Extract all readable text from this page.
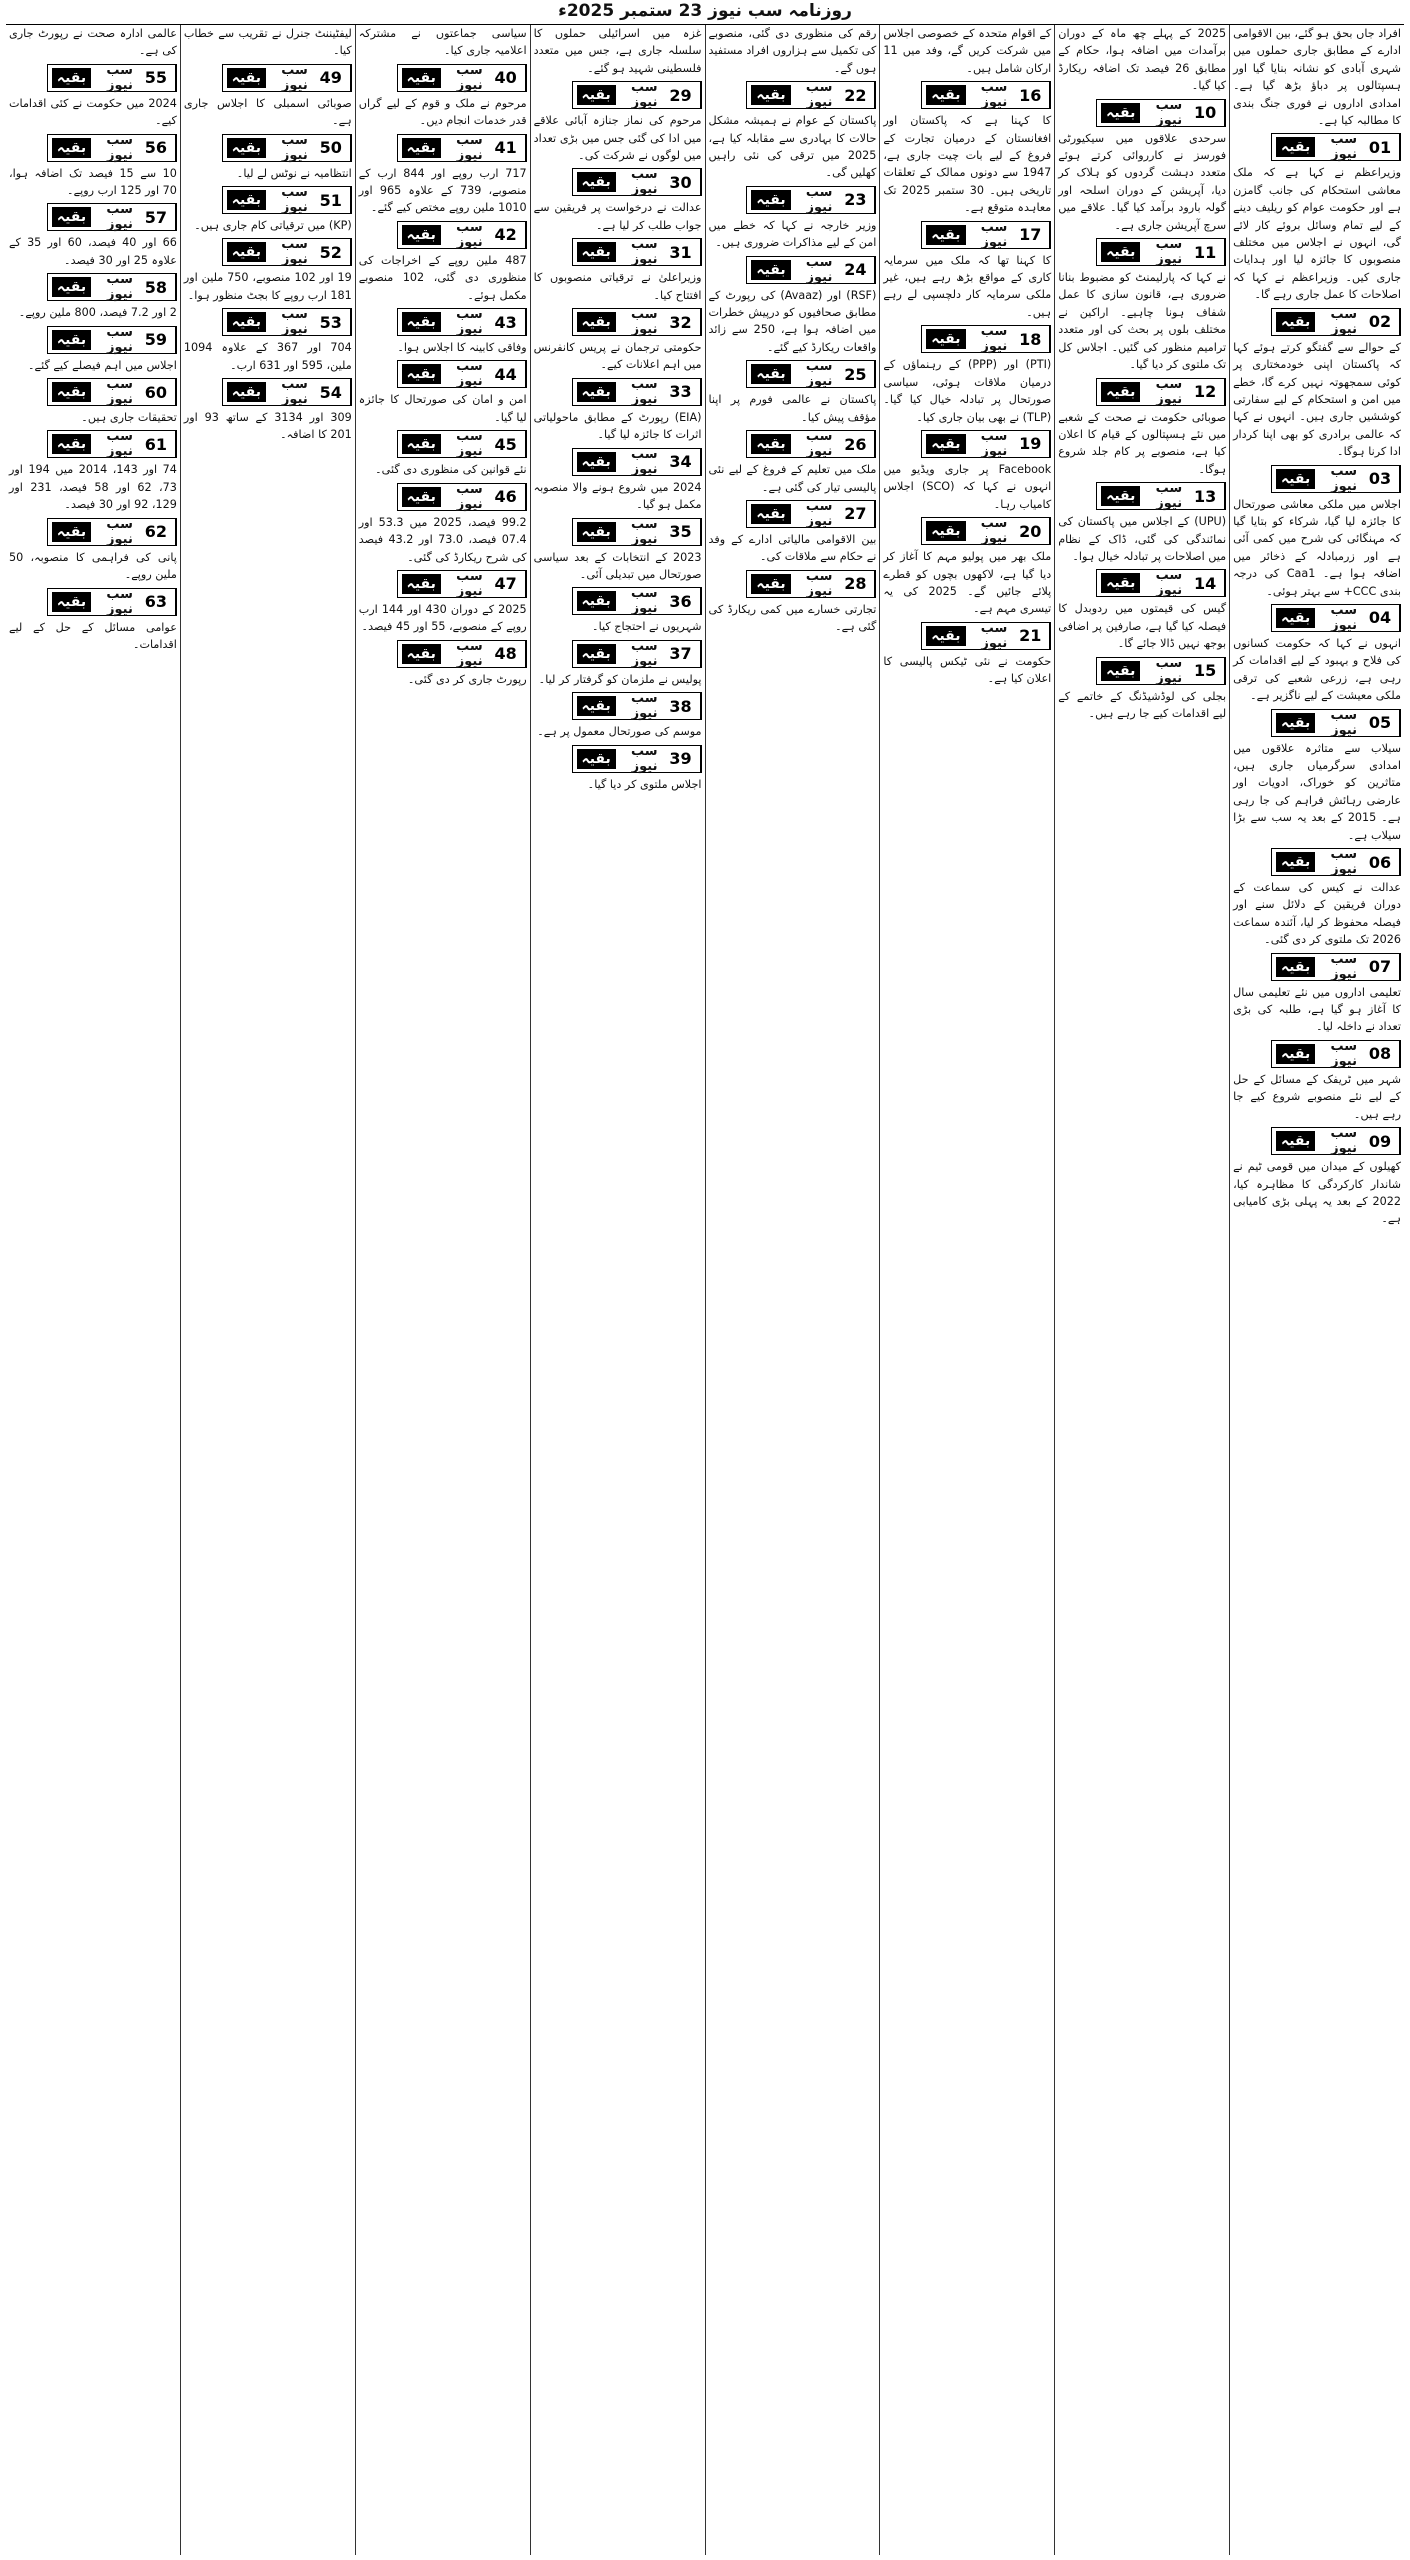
روزنامہ سب نیوز 23 ستمبر 2025ء

افراد جاں بحق ہو گئے، بین الاقوامی ادارے کے مطابق جاری حملوں میں شہری آبادی کو نشانہ بنایا گیا اور ہسپتالوں پر دباؤ بڑھ گیا ہے۔ امدادی اداروں نے فوری جنگ بندی کا مطالبہ کیا ہے۔

01
بقیہ	سب نیوز

وزیراعظم نے کہا ہے کہ ملک معاشی استحکام کی جانب گامزن ہے اور حکومت عوام کو ریلیف دینے کے لیے تمام وسائل بروئے کار لائے گی، انہوں نے اجلاس میں مختلف منصوبوں کا جائزہ لیا اور ہدایات جاری کیں۔ وزیراعظم نے کہا کہ اصلاحات کا عمل جاری رہے گا۔

02
بقیہ	سب نیوز

کے حوالے سے گفتگو کرتے ہوئے کہا کہ پاکستان اپنی خودمختاری پر کوئی سمجھوتہ نہیں کرے گا، خطے میں امن و استحکام کے لیے سفارتی کوششیں جاری ہیں۔ انہوں نے کہا کہ عالمی برادری کو بھی اپنا کردار ادا کرنا ہوگا۔

03
بقیہ	سب نیوز

اجلاس میں ملکی معاشی صورتحال کا جائزہ لیا گیا، شرکاء کو بتایا گیا کہ مہنگائی کی شرح میں کمی آئی ہے اور زرمبادلہ کے ذخائر میں اضافہ ہوا ہے۔ Caa1 کی درجہ بندی CCC+ سے بہتر ہوئی۔

04
بقیہ	سب نیوز

انہوں نے کہا کہ حکومت کسانوں کی فلاح و بہبود کے لیے اقدامات کر رہی ہے، زرعی شعبے کی ترقی ملکی معیشت کے لیے ناگزیر ہے۔

05
بقیہ	سب نیوز

سیلاب سے متاثرہ علاقوں میں امدادی سرگرمیاں جاری ہیں، متاثرین کو خوراک، ادویات اور عارضی رہائش فراہم کی جا رہی ہے۔ 2015 کے بعد یہ سب سے بڑا سیلاب ہے۔

06
بقیہ	سب نیوز

عدالت نے کیس کی سماعت کے دوران فریقین کے دلائل سنے اور فیصلہ محفوظ کر لیا، آئندہ سماعت 2026 تک ملتوی کر دی گئی۔

07
بقیہ	سب نیوز

تعلیمی اداروں میں نئے تعلیمی سال کا آغاز ہو گیا ہے، طلبہ کی بڑی تعداد نے داخلہ لیا۔

08
بقیہ	سب نیوز

شہر میں ٹریفک کے مسائل کے حل کے لیے نئے منصوبے شروع کیے جا رہے ہیں۔

09
بقیہ	سب نیوز

کھیلوں کے میدان میں قومی ٹیم نے شاندار کارکردگی کا مظاہرہ کیا، 2022 کے بعد یہ پہلی بڑی کامیابی ہے۔

2025 کے پہلے چھ ماہ کے دوران برآمدات میں اضافہ ہوا، حکام کے مطابق 26 فیصد تک اضافہ ریکارڈ کیا گیا۔

10
بقیہ	سب نیوز

سرحدی علاقوں میں سیکیورٹی فورسز نے کارروائی کرتے ہوئے متعدد دہشت گردوں کو ہلاک کر دیا، آپریشن کے دوران اسلحہ اور گولہ بارود برآمد کیا گیا۔ علاقے میں سرچ آپریشن جاری ہے۔

11
بقیہ	سب نیوز

نے کہا کہ پارلیمنٹ کو مضبوط بنانا ضروری ہے، قانون سازی کا عمل شفاف ہونا چاہیے۔ اراکین نے مختلف بلوں پر بحث کی اور متعدد ترامیم منظور کی گئیں۔ اجلاس کل تک ملتوی کر دیا گیا۔

12
بقیہ	سب نیوز

صوبائی حکومت نے صحت کے شعبے میں نئے ہسپتالوں کے قیام کا اعلان کیا ہے، منصوبے پر کام جلد شروع ہوگا۔

13
بقیہ	سب نیوز

(UPU) کے اجلاس میں پاکستان کی نمائندگی کی گئی، ڈاک کے نظام میں اصلاحات پر تبادلہ خیال ہوا۔

14
بقیہ	سب نیوز

گیس کی قیمتوں میں ردوبدل کا فیصلہ کیا گیا ہے، صارفین پر اضافی بوجھ نہیں ڈالا جائے گا۔

15
بقیہ	سب نیوز

بجلی کی لوڈشیڈنگ کے خاتمے کے لیے اقدامات کیے جا رہے ہیں۔

کے اقوام متحدہ کے خصوصی اجلاس میں شرکت کریں گے، وفد میں 11 ارکان شامل ہیں۔

16
بقیہ	سب نیوز

کا کہنا ہے کہ پاکستان اور افغانستان کے درمیان تجارت کے فروغ کے لیے بات چیت جاری ہے، 1947 سے دونوں ممالک کے تعلقات تاریخی ہیں۔ 30 ستمبر 2025 تک معاہدہ متوقع ہے۔

17
بقیہ	سب نیوز

کا کہنا تھا کہ ملک میں سرمایہ کاری کے مواقع بڑھ رہے ہیں، غیر ملکی سرمایہ کار دلچسپی لے رہے ہیں۔

18
بقیہ	سب نیوز

(PTI) اور (PPP) کے رہنماؤں کے درمیان ملاقات ہوئی، سیاسی صورتحال پر تبادلہ خیال کیا گیا۔ (TLP) نے بھی بیان جاری کیا۔

19
بقیہ	سب نیوز

Facebook پر جاری ویڈیو میں انہوں نے کہا کہ (SCO) اجلاس کامیاب رہا۔

20
بقیہ	سب نیوز

ملک بھر میں پولیو مہم کا آغاز کر دیا گیا ہے، لاکھوں بچوں کو قطرے پلائے جائیں گے۔ 2025 کی یہ تیسری مہم ہے۔

21
بقیہ	سب نیوز

حکومت نے نئی ٹیکس پالیسی کا اعلان کیا ہے۔

رقم کی منظوری دی گئی، منصوبے کی تکمیل سے ہزاروں افراد مستفید ہوں گے۔

22
بقیہ	سب نیوز

پاکستان کے عوام نے ہمیشہ مشکل حالات کا بہادری سے مقابلہ کیا ہے، 2025 میں ترقی کی نئی راہیں کھلیں گی۔

23
بقیہ	سب نیوز

وزیر خارجہ نے کہا کہ خطے میں امن کے لیے مذاکرات ضروری ہیں۔

24
بقیہ	سب نیوز

(RSF) اور (Avaaz) کی رپورٹ کے مطابق صحافیوں کو درپیش خطرات میں اضافہ ہوا ہے، 250 سے زائد واقعات ریکارڈ کیے گئے۔

25
بقیہ	سب نیوز

پاکستان نے عالمی فورم پر اپنا مؤقف پیش کیا۔

26
بقیہ	سب نیوز

ملک میں تعلیم کے فروغ کے لیے نئی پالیسی تیار کی گئی ہے۔

27
بقیہ	سب نیوز

بین الاقوامی مالیاتی ادارے کے وفد نے حکام سے ملاقات کی۔

28
بقیہ	سب نیوز

تجارتی خسارے میں کمی ریکارڈ کی گئی ہے۔

غزہ میں اسرائیلی حملوں کا سلسلہ جاری ہے، جس میں متعدد فلسطینی شہید ہو گئے۔

29
بقیہ	سب نیوز

مرحوم کی نماز جنازہ آبائی علاقے میں ادا کی گئی جس میں بڑی تعداد میں لوگوں نے شرکت کی۔

30
بقیہ	سب نیوز

عدالت نے درخواست پر فریقین سے جواب طلب کر لیا ہے۔

31
بقیہ	سب نیوز

وزیراعلیٰ نے ترقیاتی منصوبوں کا افتتاح کیا۔

32
بقیہ	سب نیوز

حکومتی ترجمان نے پریس کانفرنس میں اہم اعلانات کیے۔

33
بقیہ	سب نیوز

(EIA) رپورٹ کے مطابق ماحولیاتی اثرات کا جائزہ لیا گیا۔

34
بقیہ	سب نیوز

2024 میں شروع ہونے والا منصوبہ مکمل ہو گیا۔

35
بقیہ	سب نیوز

2023 کے انتخابات کے بعد سیاسی صورتحال میں تبدیلی آئی۔

36
بقیہ	سب نیوز

شہریوں نے احتجاج کیا۔

37
بقیہ	سب نیوز

پولیس نے ملزمان کو گرفتار کر لیا۔

38
بقیہ	سب نیوز

موسم کی صورتحال معمول پر ہے۔

39
بقیہ	سب نیوز

اجلاس ملتوی کر دیا گیا۔

سیاسی جماعتوں نے مشترکہ اعلامیہ جاری کیا۔

40
بقیہ	سب نیوز

مرحوم نے ملک و قوم کے لیے گراں قدر خدمات انجام دیں۔

41
بقیہ	سب نیوز

717 ارب روپے اور 844 ارب کے منصوبے، 739 کے علاوہ 965 اور 1010 ملین روپے مختص کیے گئے۔

42
بقیہ	سب نیوز

487 ملین روپے کے اخراجات کی منظوری دی گئی، 102 منصوبے مکمل ہوئے۔

43
بقیہ	سب نیوز

وفاقی کابینہ کا اجلاس ہوا۔

44
بقیہ	سب نیوز

امن و امان کی صورتحال کا جائزہ لیا گیا۔

45
بقیہ	سب نیوز

نئے قوانین کی منظوری دی گئی۔

46
بقیہ	سب نیوز

99.2 فیصد، 2025 میں 53.3 اور 07.4 فیصد، 73.0 اور 43.2 فیصد کی شرح ریکارڈ کی گئی۔

47
بقیہ	سب نیوز

2025 کے دوران 430 اور 144 ارب روپے کے منصوبے، 55 اور 45 فیصد۔

48
بقیہ	سب نیوز

رپورٹ جاری کر دی گئی۔

لیفٹیننٹ جنرل نے تقریب سے خطاب کیا۔

49
بقیہ	سب نیوز

صوبائی اسمبلی کا اجلاس جاری ہے۔

50
بقیہ	سب نیوز

انتظامیہ نے نوٹس لے لیا۔

51
بقیہ	سب نیوز

(KP) میں ترقیاتی کام جاری ہیں۔

52
بقیہ	سب نیوز

19 اور 102 منصوبے، 750 ملین اور 181 ارب روپے کا بجٹ منظور ہوا۔

53
بقیہ	سب نیوز

704 اور 367 کے علاوہ 1094 ملین، 595 اور 631 ارب۔

54
بقیہ	سب نیوز

309 اور 3134 کے ساتھ 93 اور 201 کا اضافہ۔

عالمی ادارہ صحت نے رپورٹ جاری کی ہے۔

55
بقیہ	سب نیوز

2024 میں حکومت نے کئی اقدامات کیے۔

56
بقیہ	سب نیوز

10 سے 15 فیصد تک اضافہ ہوا، 70 اور 125 ارب روپے۔

57
بقیہ	سب نیوز

66 اور 40 فیصد، 60 اور 35 کے علاوہ 25 اور 30 فیصد۔

58
بقیہ	سب نیوز

2 اور 7.2 فیصد، 800 ملین روپے۔

59
بقیہ	سب نیوز

اجلاس میں اہم فیصلے کیے گئے۔

60
بقیہ	سب نیوز

تحقیقات جاری ہیں۔

61
بقیہ	سب نیوز

74 اور 143، 2014 میں 194 اور 73، 62 اور 58 فیصد، 231 اور 129، 92 اور 30 فیصد۔

62
بقیہ	سب نیوز

پانی کی فراہمی کا منصوبہ، 50 ملین روپے۔

63
بقیہ	سب نیوز

عوامی مسائل کے حل کے لیے اقدامات۔
